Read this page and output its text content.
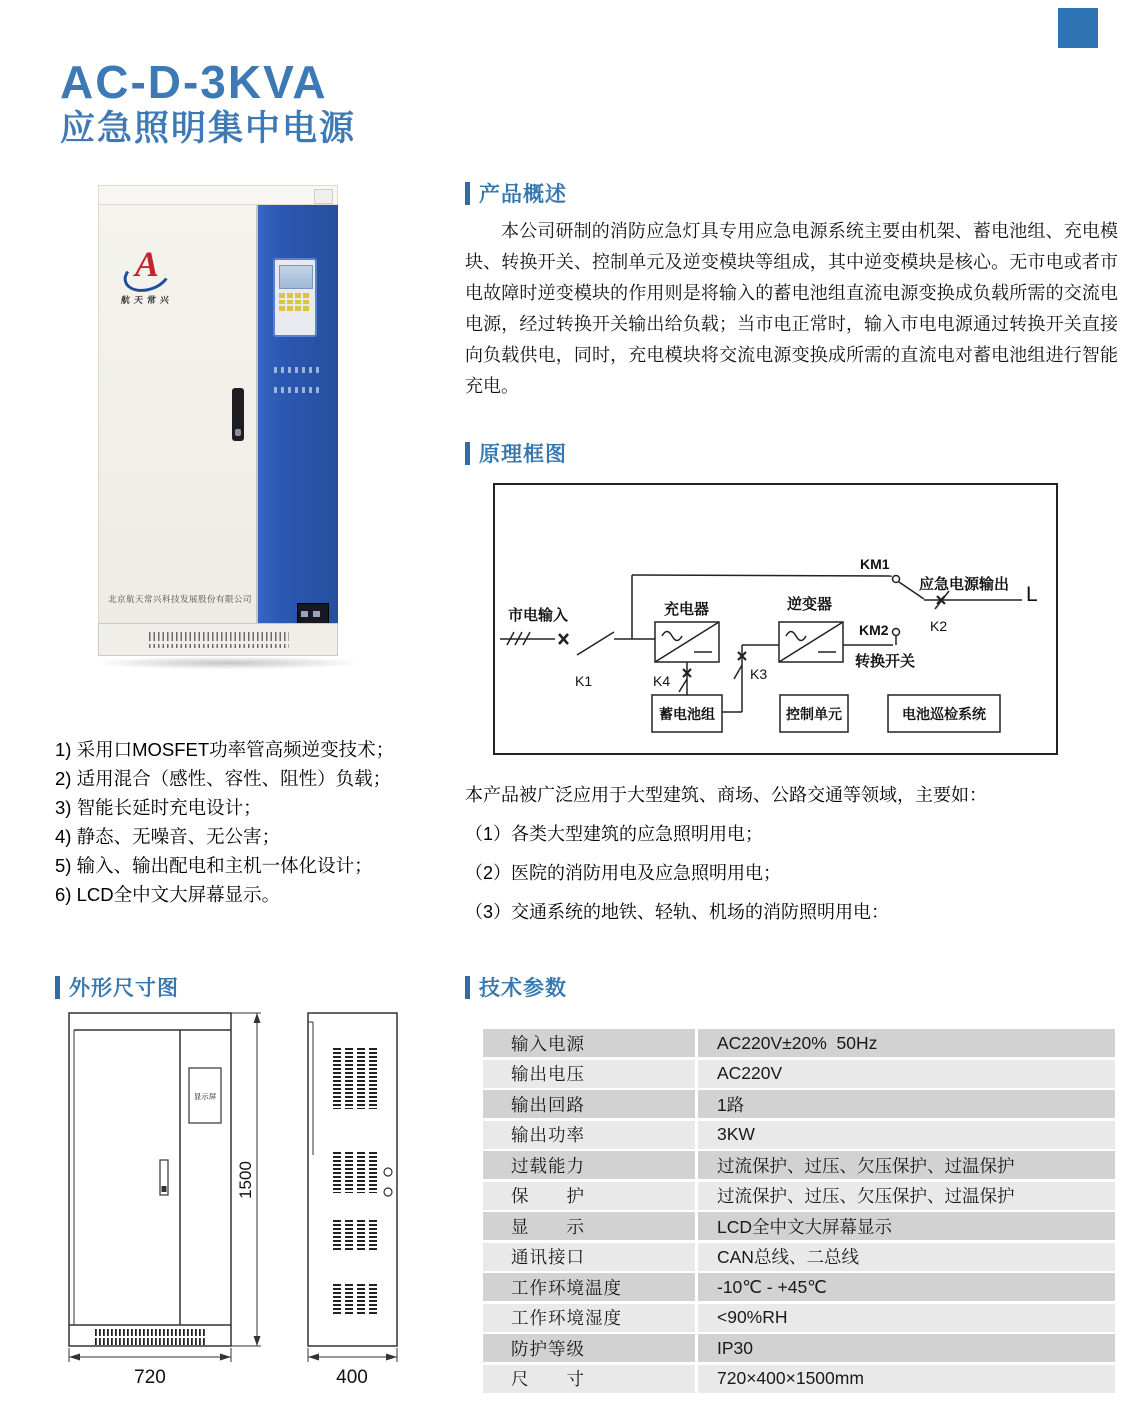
AC-D-3KVA
应急照明集中电源
A
航天常兴
北京航天常兴科技发展股份有限公司
产品概述
本公司研制的消防应急灯具专用应急电源系统主要由机架、蓄电池组、充电模块、转换开关、控制单元及逆变模块等组成，其中逆变模块是核心。无市电或者市电故障时逆变模块的作用则是将输入的蓄电池组直流电源变换成负载所需的交流电电源，经过转换开关输出给负载；当市电正常时，输入市电电源通过转换开关直接向负载供电，同时，充电模块将交流电源变换成所需的直流电对蓄电池组进行智能充电。
原理框图
市电输入
K1
充电器	逆变器
KM1
应急电源输出 L
K2
KM2
转换开关
K4	K3
蓄电池组	控制单元	电池巡检系统
1) 采用口MOSFET功率管高频逆变技术；
2) 适用混合（感性、容性、阻性）负载；
3) 智能长延时充电设计；
4) 静态、无噪音、无公害；
5) 输入、输出配电和主机一体化设计；
6) LCD全中文大屏幕显示。
本产品被广泛应用于大型建筑、商场、公路交通等领域，主要如：
（1）各类大型建筑的应急照明用电；
（2）医院的消防用电及应急照明用电；
（3）交通系统的地铁、轻轨、机场的消防照明用电：
外形尺寸图
显示屏
1500
720	400
技术参数
输入电源	AC220V±20%  50Hz
输出电压	AC220V
输出回路	1路
输出功率	3KW
过载能力	过流保护、过压、欠压保护、过温保护
保　　护	过流保护、过压、欠压保护、过温保护
显　　示	LCD全中文大屏幕显示
通讯接口	CAN总线、二总线
工作环境温度	-10℃ - +45℃
工作环境湿度	<90%RH
防护等级	IP30
尺　　寸	720×400×1500mm
